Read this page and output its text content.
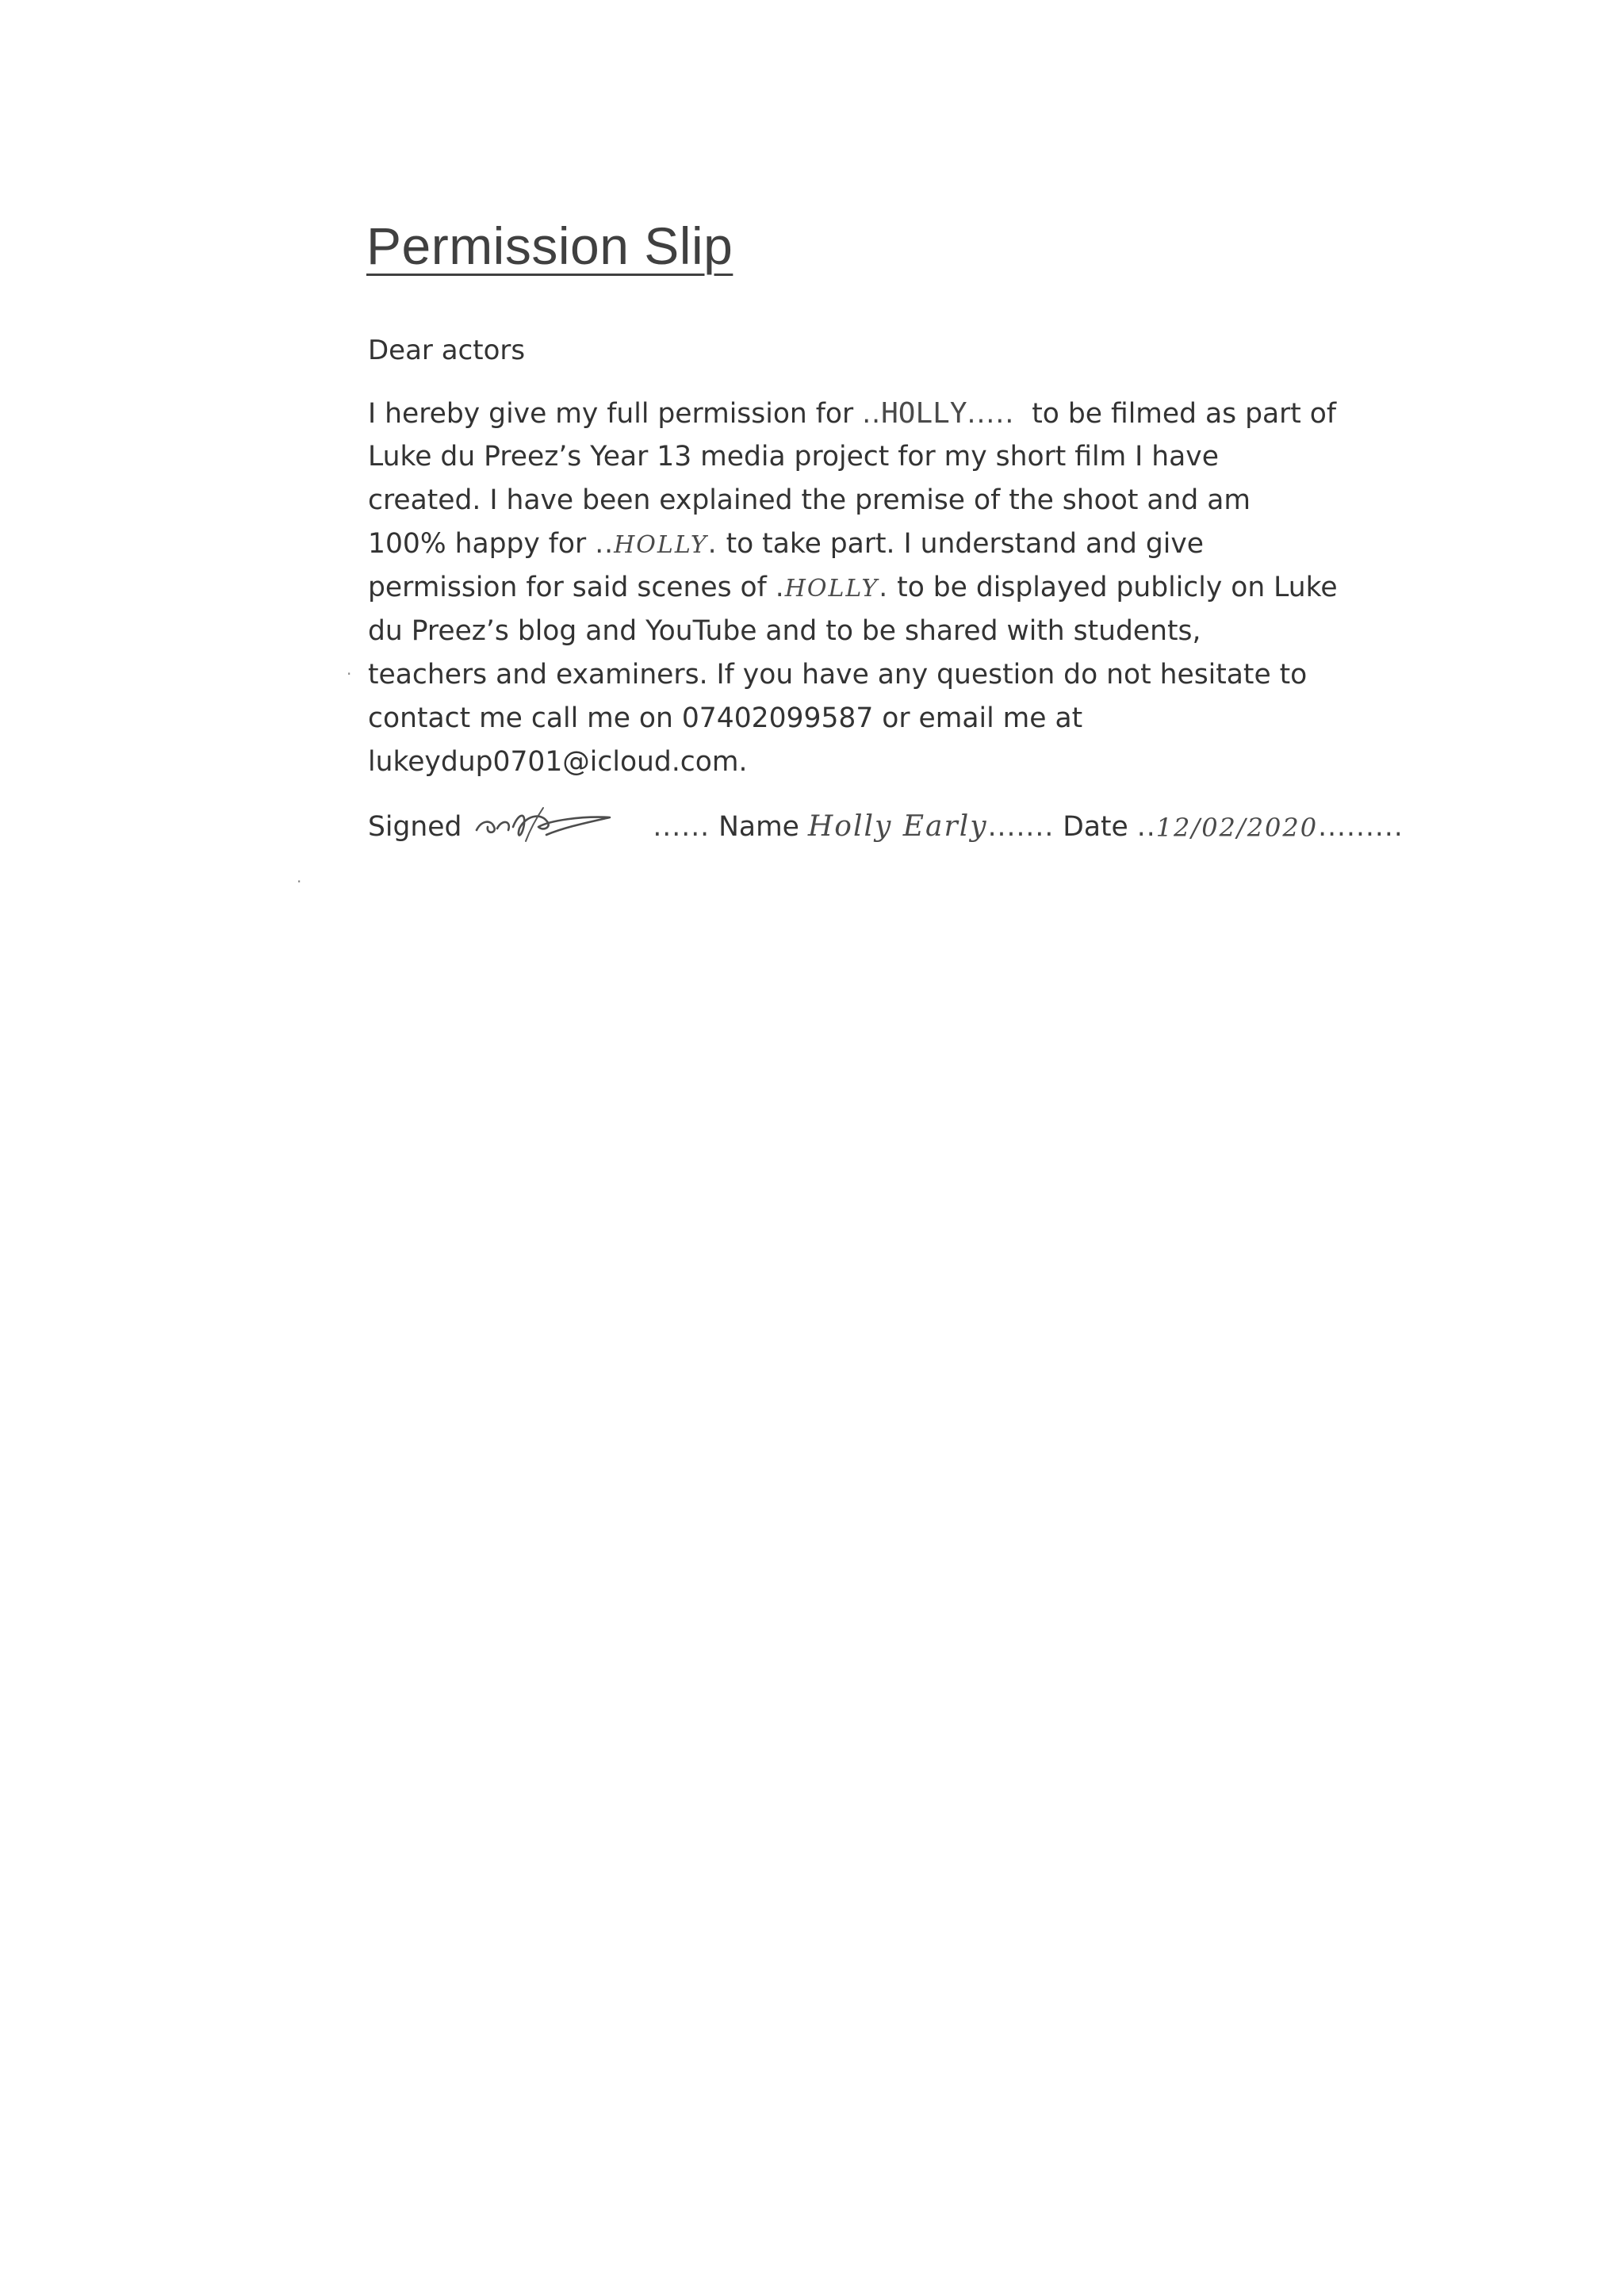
Permission Slip
Dear actors
I hereby give my full permission for ..HOLLY.....  to be filmed as part of
Luke du Preez’s Year 13 media project for my short film I have
created. I have been explained the premise of the shoot and am
100% happy for ..HOLLY. to take part. I understand and give
permission for said scenes of .HOLLY. to be displayed publicly on Luke
du Preez’s blog and YouTube and to be shared with students,
teachers and examiners. If you have any question do not hesitate to
contact me call me on 07402099587 or email me at
lukeydup0701@icloud.com.
Signed	...... Name Holly Early ....... Date .. 12/02/2020 .........
·
·
